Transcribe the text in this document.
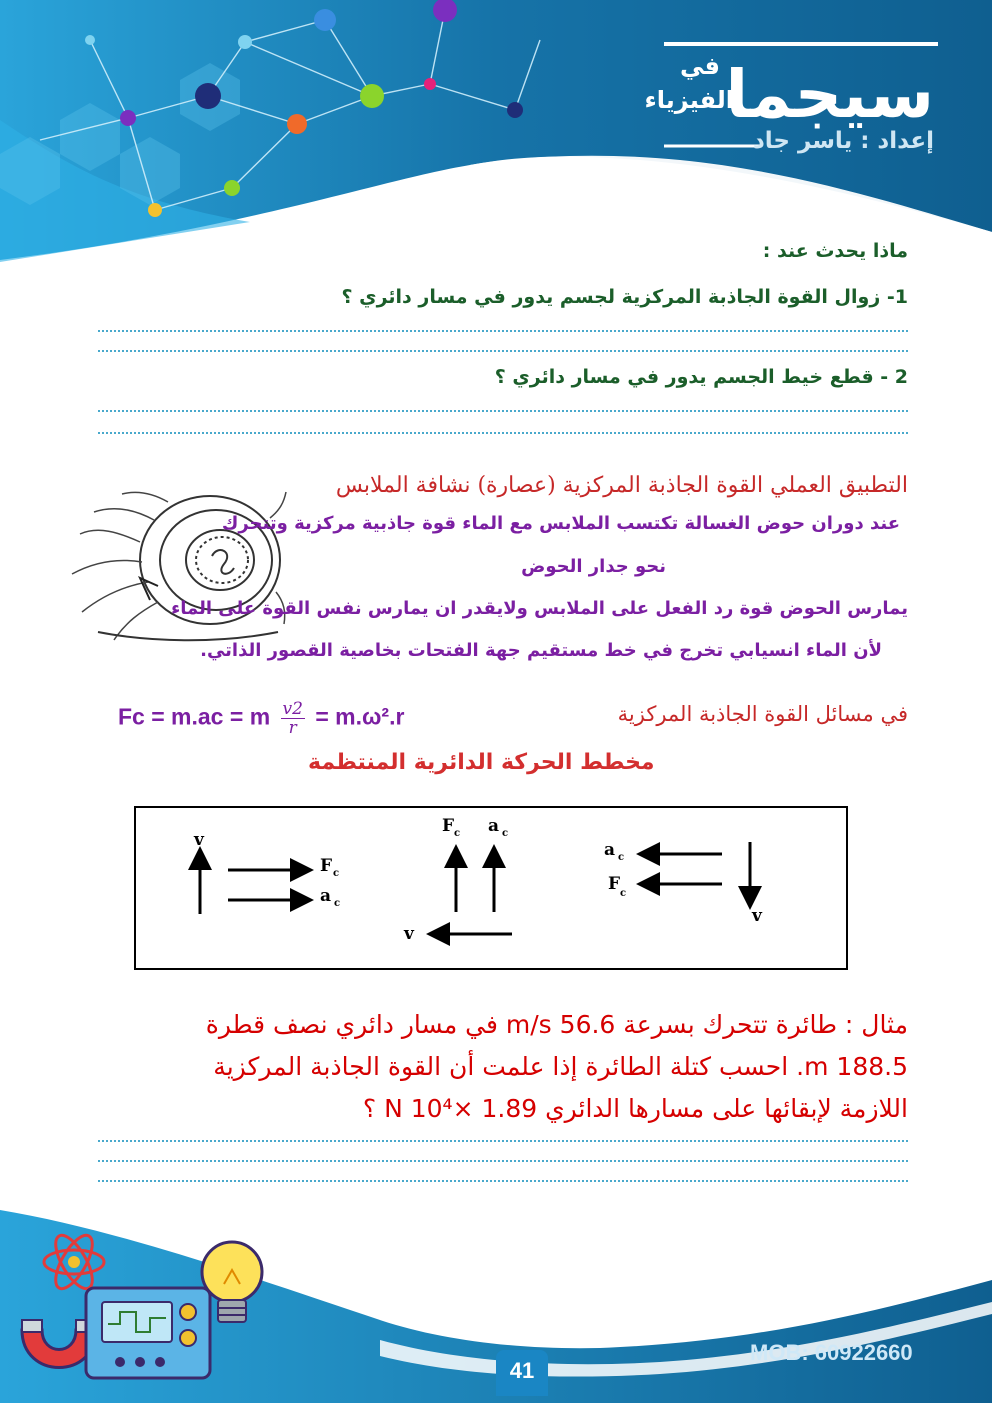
في
الفيزياء
سيجما
إعداد : ياسر جاد
ماذا يحدث عند :
1- زوال القوة الجاذبة المركزية لجسم يدور في مسار دائري ؟
2 - قطع خيط الجسم يدور في مسار دائري ؟
التطبيق العملي القوة الجاذبة المركزية (عصارة) نشافة الملابس
عند دوران حوض الغسالة تكتسب الملابس مع الماء قوة جاذبية مركزية وتتحرك
نحو جدار الحوض
يمارس الحوض قوة رد الفعل على الملابس ولايقدر ان يمارس نفس القوة على الماء
لأن الماء انسيابي تخرج في خط مستقيم جهة الفتحات بخاصية القصور الذاتي.
Fc = m.ac = m $\frac{v2}{r} = m.\omega^2.r$	في مسائل القوة الجاذبة المركزية
مخطط الحركة الدائرية المنتظمة
v
F c
a c
F c a c
v
a c
F c
v
مثال : طائرة تتحرك بسرعة 56.6 m/s في مسار دائري نصف قطرة
188.5 m. احسب كتلة الطائرة إذا علمت أن القوة الجاذبة المركزية
اللازمة لإبقائها على مسارها الدائري 1.89 ×10⁴ N ؟
41
MOB: 60922660
